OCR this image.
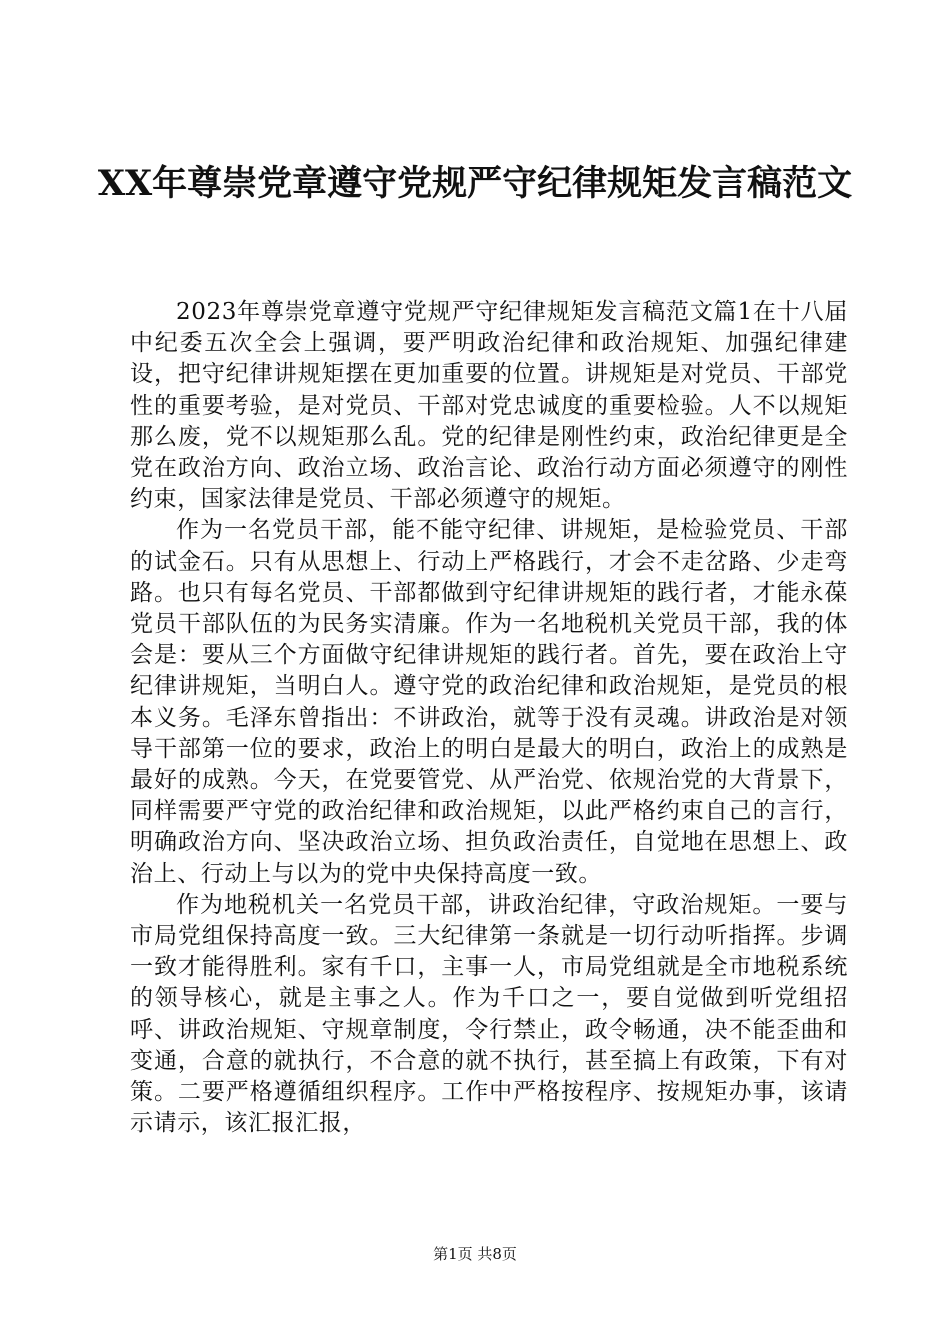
XX年尊崇党章遵守党规严守纪律规矩发言稿范文

2023年尊崇党章遵守党规严守纪律规矩发言稿范文篇1在十八届中纪委五次全会上强调，要严明政治纪律和政治规矩、加强纪律建设，把守纪律讲规矩摆在更加重要的位置。讲规矩是对党员、干部党性的重要考验，是对党员、干部对党忠诚度的重要检验。人不以规矩那么废，党不以规矩那么乱。党的纪律是刚性约束，政治纪律更是全党在政治方向、政治立场、政治言论、政治行动方面必须遵守的刚性约束，国家法律是党员、干部必须遵守的规矩。

作为一名党员干部，能不能守纪律、讲规矩，是检验党员、干部的试金石。只有从思想上、行动上严格践行，才会不走岔路、少走弯路。也只有每名党员、干部都做到守纪律讲规矩的践行者，才能永葆党员干部队伍的为民务实清廉。作为一名地税机关党员干部，我的体会是：要从三个方面做守纪律讲规矩的践行者。首先，要在政治上守纪律讲规矩，当明白人。遵守党的政治纪律和政治规矩，是党员的根本义务。毛泽东曾指出：不讲政治，就等于没有灵魂。讲政治是对领导干部第一位的要求，政治上的明白是最大的明白，政治上的成熟是最好的成熟。今天，在党要管党、从严治党、依规治党的大背景下，同样需要严守党的政治纪律和政治规矩，以此严格约束自己的言行，明确政治方向、坚决政治立场、担负政治责任，自觉地在思想上、政治上、行动上与以为的党中央保持高度一致。

作为地税机关一名党员干部，讲政治纪律，守政治规矩。一要与市局党组保持高度一致。三大纪律第一条就是一切行动听指挥。步调一致才能得胜利。家有千口，主事一人，市局党组就是全市地税系统的领导核心，就是主事之人。作为千口之一，要自觉做到听党组招呼、讲政治规矩、守规章制度，令行禁止，政令畅通，决不能歪曲和变通，合意的就执行，不合意的就不执行，甚至搞上有政策，下有对策。二要严格遵循组织程序。工作中严格按程序、按规矩办事，该请示请示，该汇报汇报，

第1页 共8页
